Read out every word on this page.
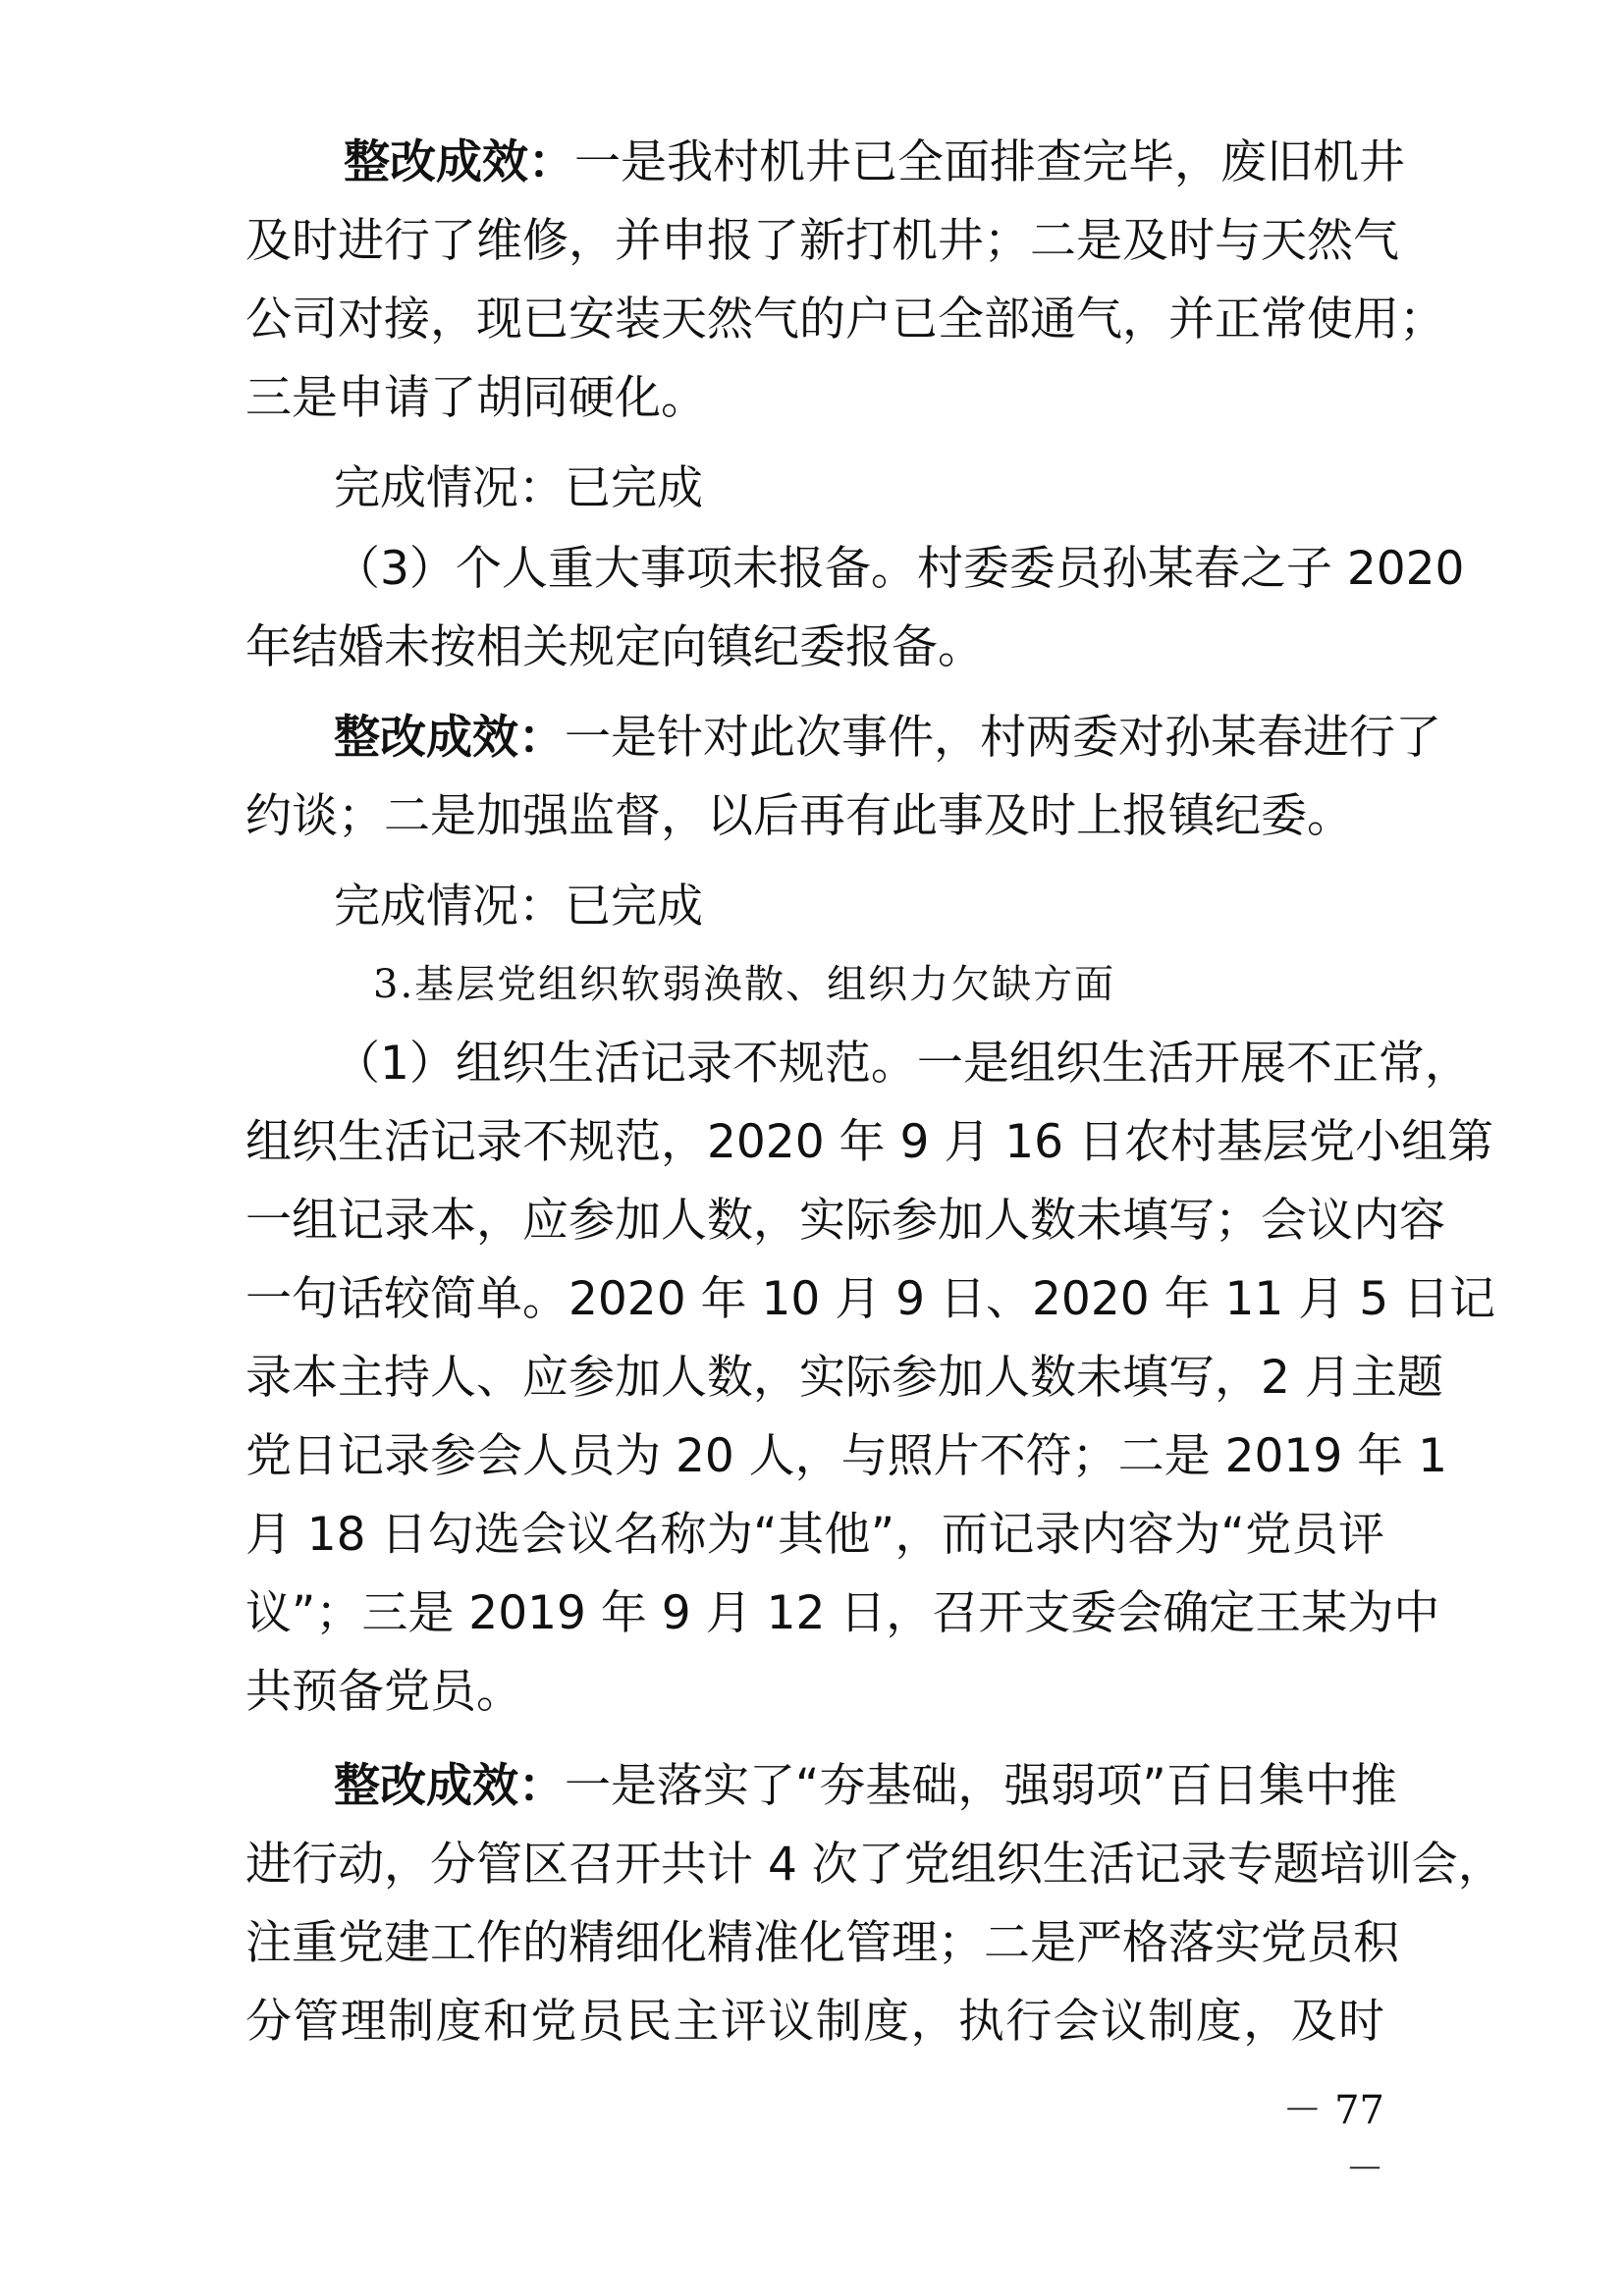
整改成效：一是我村机井已全面排查完毕，废旧机井

及时进行了维修，并申报了新打机井；二是及时与天然气

公司对接，现已安装天然气的户已全部通气，并正常使用；

三是申请了胡同硬化。

完成情况：已完成

（3）个人重大事项未报备。村委委员孙某春之子 2020

年结婚未按相关规定向镇纪委报备。

整改成效：一是针对此次事件，村两委对孙某春进行了

约谈；二是加强监督，以后再有此事及时上报镇纪委。

完成情况：已完成

3.基层党组织软弱涣散、组织力欠缺方面

（1）组织生活记录不规范。一是组织生活开展不正常，

组织生活记录不规范，2020 年 9 月 16 日农村基层党小组第

一组记录本，应参加人数，实际参加人数未填写；会议内容

一句话较简单。2020 年 10 月 9 日、2020 年 11 月 5 日记

录本主持人、应参加人数，实际参加人数未填写，2 月主题

党日记录参会人员为 20 人，与照片不符；二是 2019 年 1

月 18 日勾选会议名称为“其他”，而记录内容为“党员评

议”；三是 2019 年 9 月 12 日，召开支委会确定王某为中

共预备党员。

整改成效：一是落实了“夯基础，强弱项”百日集中推

进行动，分管区召开共计 4 次了党组织生活记录专题培训会，

注重党建工作的精细化精准化管理；二是严格落实党员积

分管理制度和党员民主评议制度，执行会议制度，及时

－ 77 －
